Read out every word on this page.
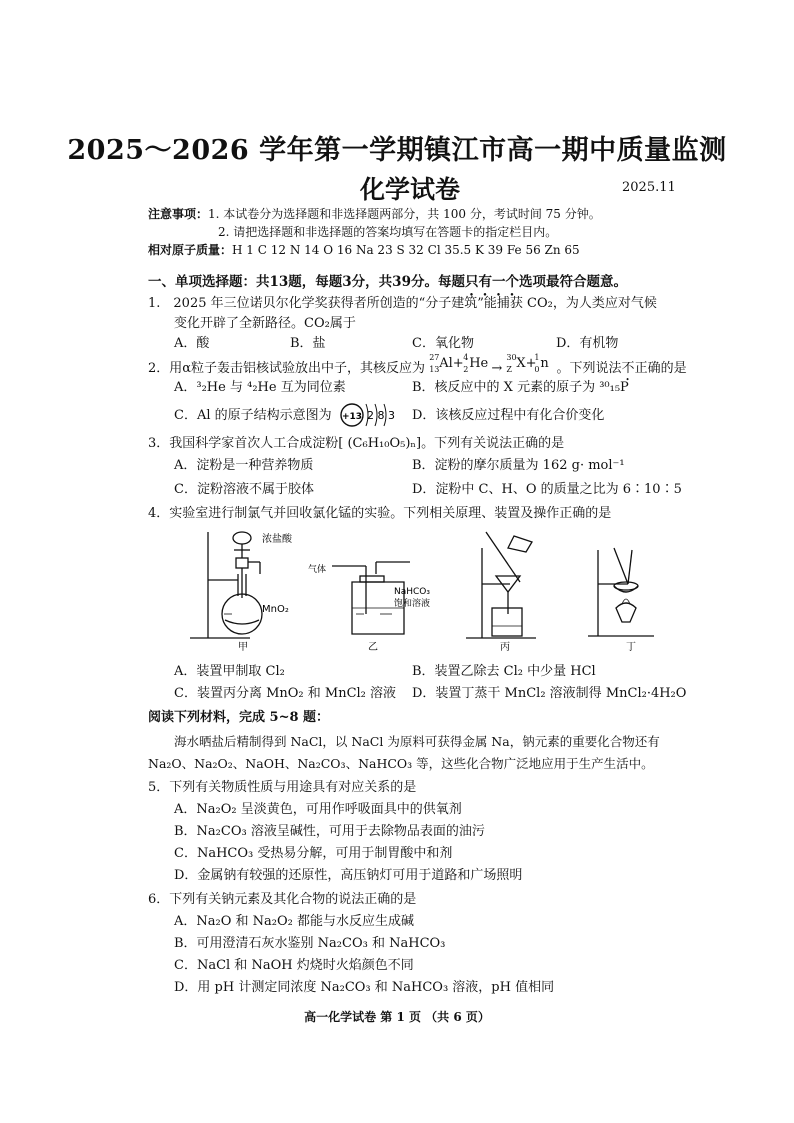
2025～2026 学年第一学期镇江市高一期中质量监测
化学试卷	2025.11
注意事项：1. 本试卷分为选择题和非选择题两部分，共 100 分，考试时间 75 分钟。
2. 请把选择题和非选择题的答案均填写在答题卡的指定栏目内。
相对原子质量：H 1 C 12 N 14 O 16 Na 23 S 32 Cl 35.5 K 39 Fe 56 Zn 65
一、单项选择题：共13题，每题3分，共39分。每题只有一个选项最符合题意。
1.　2025 年三位诺贝尔化学奖获得者所创造的“分子建筑”能捕获 CO₂，为人类应对气候
变化开辟了全新路径。CO₂属于
A．酸	B．盐	C．氧化物	D．有机物
2．用α粒子轰击铝核试验放出中子，其核反应为
27
13 Al+ 4
2 He →
30
Z X+
1
0 n 。下列说法不正确的是
A．³₂He 与 ⁴₂He 互为同位素	B．核反应中的 X 元素的原子为 ³⁰₁₅P
C．Al 的原子结构示意图为 +13 2 8 3 D．该核反应过程中有化合价变化
3．我国科学家首次人工合成淀粉[ (C₆H₁₀O₅)ₙ]。下列有关说法正确的是
A．淀粉是一种营养物质	B．淀粉的摩尔质量为 162 g· mol⁻¹
C．淀粉溶液不属于胶体	D．淀粉中 C、H、O 的质量之比为 6∶10∶5
4．实验室进行制氯气并回收氯化锰的实验。下列相关原理、装置及操作正确的是
浓盐酸
MnO₂
甲
气体
NaHCO₃
饱和溶液
乙	丙	丁
A．装置甲制取 Cl₂	B．装置乙除去 Cl₂ 中少量 HCl
C．装置丙分离 MnO₂ 和 MnCl₂ 溶液 D．装置丁蒸干 MnCl₂ 溶液制得 MnCl₂·4H₂O
阅读下列材料，完成 5~8 题：
海水晒盐后精制得到 NaCl，以 NaCl 为原料可获得金属 Na，钠元素的重要化合物还有
Na₂O、Na₂O₂、NaOH、Na₂CO₃、NaHCO₃ 等，这些化合物广泛地应用于生产生活中。
5．下列有关物质性质与用途具有对应关系的是
A．Na₂O₂ 呈淡黄色，可用作呼吸面具中的供氧剂
B．Na₂CO₃ 溶液呈碱性，可用于去除物品表面的油污
C．NaHCO₃ 受热易分解，可用于制胃酸中和剂
D．金属钠有较强的还原性，高压钠灯可用于道路和广场照明
6．下列有关钠元素及其化合物的说法正确的是
A．Na₂O 和 Na₂O₂ 都能与水反应生成碱
B．可用澄清石灰水鉴别 Na₂CO₃ 和 NaHCO₃
C．NaCl 和 NaOH 灼烧时火焰颜色不同
D．用 pH 计测定同浓度 Na₂CO₃ 和 NaHCO₃ 溶液，pH 值相同
高一化学试卷 第 1 页 （共 6 页）
